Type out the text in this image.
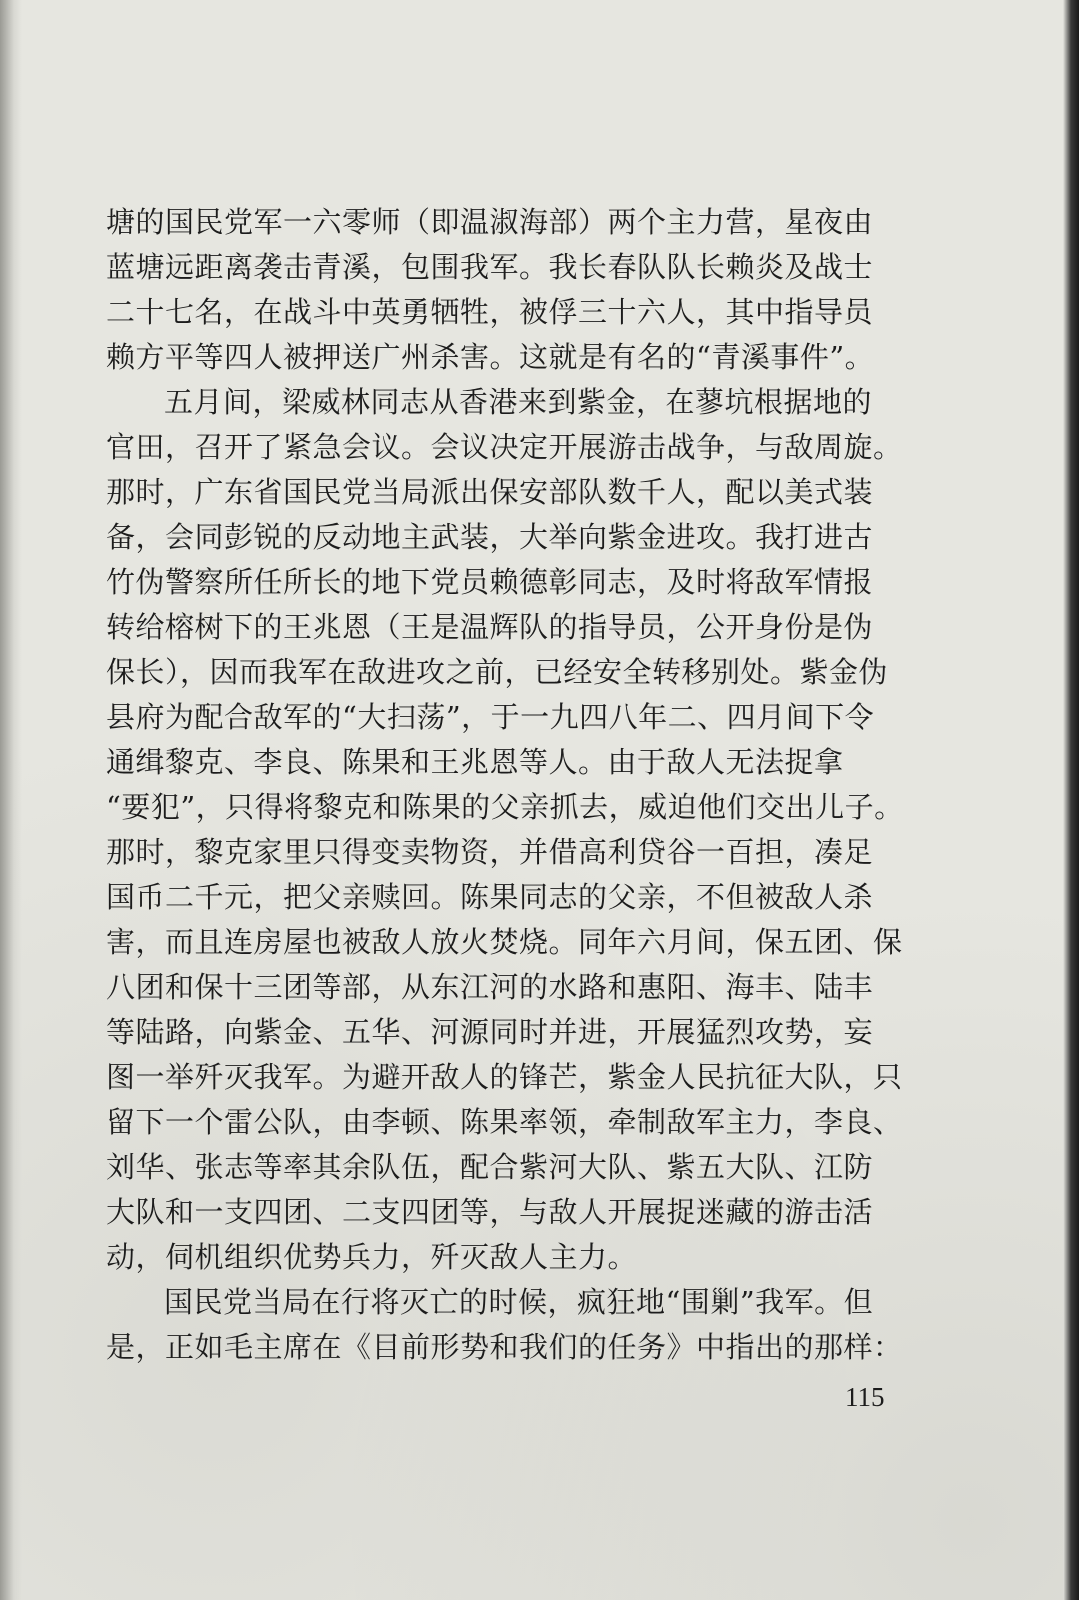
塘的国民党军一六零师（即温淑海部）两个主力营，星夜由
蓝塘远距离袭击青溪，包围我军。我长春队队长赖炎及战士
二十七名，在战斗中英勇牺牲，被俘三十六人，其中指导员
赖方平等四人被押送广州杀害。这就是有名的“青溪事件”。
五月间，梁威林同志从香港来到紫金，在蓼坑根据地的
官田，召开了紧急会议。会议决定开展游击战争，与敌周旋。
那时，广东省国民党当局派出保安部队数千人，配以美式装
备，会同彭锐的反动地主武装，大举向紫金进攻。我打进古
竹伪警察所任所长的地下党员赖德彰同志，及时将敌军情报
转给榕树下的王兆恩（王是温辉队的指导员，公开身份是伪
保长），因而我军在敌进攻之前，已经安全转移别处。紫金伪
县府为配合敌军的“大扫荡”，于一九四八年二、四月间下令
通缉黎克、李良、陈果和王兆恩等人。由于敌人无法捉拿
“要犯”，只得将黎克和陈果的父亲抓去，威迫他们交出儿子。
那时，黎克家里只得变卖物资，并借高利贷谷一百担，凑足
国币二千元，把父亲赎回。陈果同志的父亲，不但被敌人杀
害，而且连房屋也被敌人放火焚烧。同年六月间，保五团、保
八团和保十三团等部，从东江河的水路和惠阳、海丰、陆丰
等陆路，向紫金、五华、河源同时并进，开展猛烈攻势，妄
图一举歼灭我军。为避开敌人的锋芒，紫金人民抗征大队，只
留下一个雷公队，由李顿、陈果率领，牵制敌军主力，李良、
刘华、张志等率其余队伍，配合紫河大队、紫五大队、江防
大队和一支四团、二支四团等，与敌人开展捉迷藏的游击活
动，伺机组织优势兵力，歼灭敌人主力。
国民党当局在行将灭亡的时候，疯狂地“围剿”我军。但
是，正如毛主席在《目前形势和我们的任务》中指出的那样：
115
